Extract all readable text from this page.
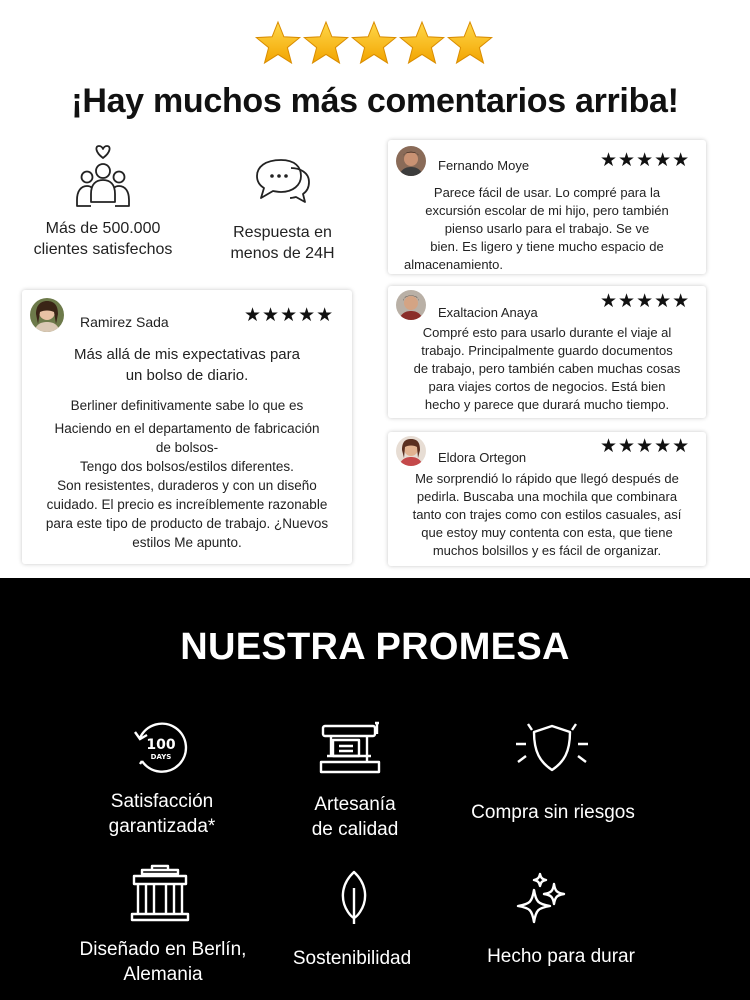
¡Hay muchos más comentarios arriba!
Más de 500.000
clientes satisfechos
Respuesta en
menos de 24H
Ramirez Sada	★★★★★
Más allá de mis expectativas para
un bolso de diario.
Berliner definitivamente sabe lo que es
Haciendo en el departamento de fabricación
de bolsos-
Tengo dos bolsos/estilos diferentes.
Son resistentes, duraderos y con un diseño
cuidado. El precio es increíblemente razonable
para este tipo de producto de trabajo. ¿Nuevos
estilos Me apunto.
Fernando Moye	★★★★★
Parece fácil de usar. Lo compré para la
excursión escolar de mi hijo, pero también
pienso usarlo para el trabajo. Se ve
bien. Es ligero y tiene mucho espacio de
almacenamiento.
Exaltacion Anaya
★★★★★
Compré esto para usarlo durante el viaje al
trabajo. Principalmente guardo documentos
de trabajo, pero también caben muchas cosas
para viajes cortos de negocios. Está bien
hecho y parece que durará mucho tiempo.
Eldora Ortegon
★★★★★
Me sorprendió lo rápido que llegó después de
pedirla. Buscaba una mochila que combinara
tanto con trajes como con estilos casuales, así
que estoy muy contenta con esta, que tiene
muchos bolsillos y es fácil de organizar.
NUESTRA PROMESA
100
DAYS
Satisfacción
garantizada*
Artesanía
de calidad
Compra sin riesgos
Diseñado en Berlín,
Alemania
Sostenibilidad	Hecho para durar
